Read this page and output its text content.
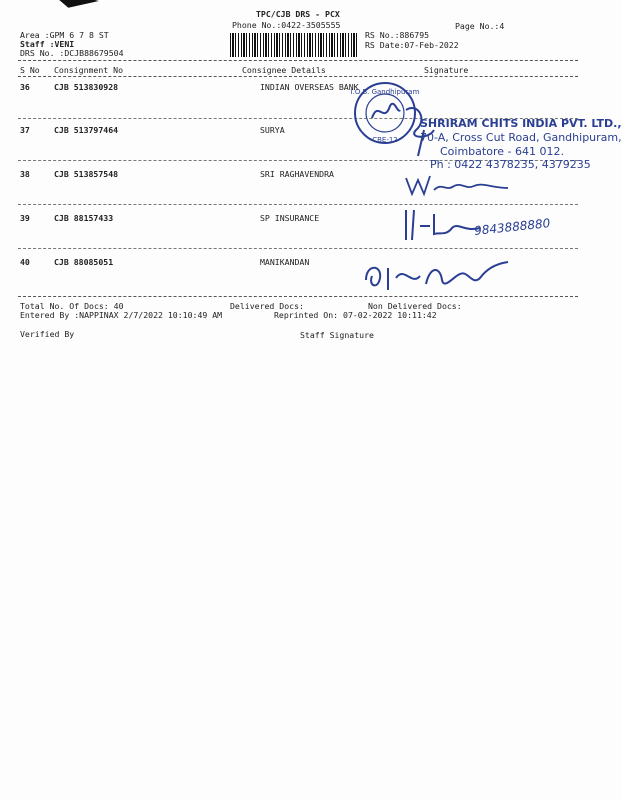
TPC/CJB DRS - PCX
Phone No.:0422-3505555	Page No.:4
Area :GPM 6 7 8 ST
Staff :VENI
DRS No. :DCJB88679504
RS No.:886795
RS Date:07-Feb-2022
S No Consignment No	Consignee Details	Signature
36	CJB 513830928	INDIAN OVERSEAS BANK
37	CJB 513797464	SURYA
38	CJB 513857548	SRI RAGHAVENDRA
39	CJB 88157433	SP INSURANCE
40	CJB 88085051	MANIKANDAN
I.O.B. Gandhipuram
CBE-12
SHRIRAM CHITS INDIA PVT. LTD.,
70-A, Cross Cut Road, Gandhipuram,
Coimbatore - 641 012.
Ph : 0422 4378235, 4379235
9843888880
Total No. Of Docs: 40	Delivered Docs:	Non Delivered Docs:
Entered By :NAPPINAX 2/7/2022 10:10:49 AM	Reprinted On: 07-02-2022 10:11:42
Verified By	Staff Signature
